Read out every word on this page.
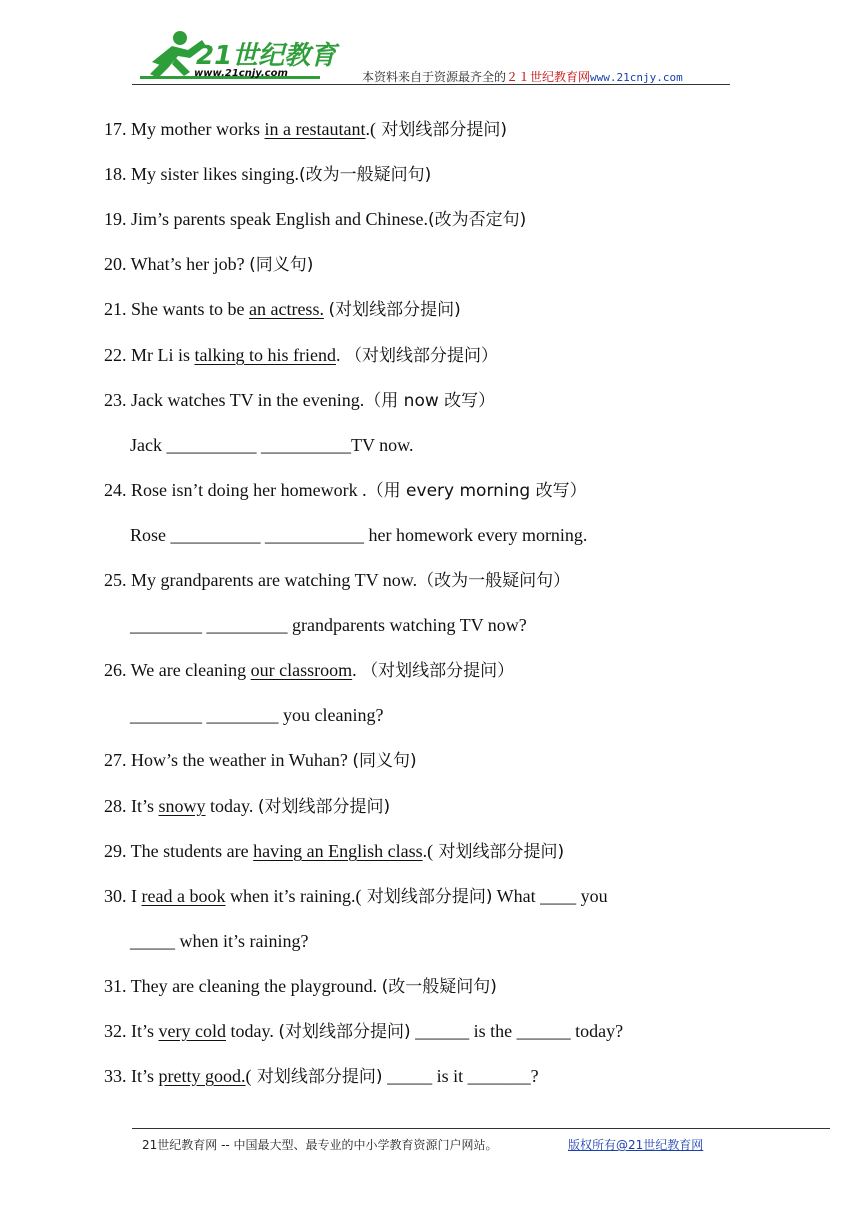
21世纪教育
www.21cnjy.com	本资料来自于资源最齐全的２１世纪教育网www.21cnjy.com
17. My mother works in a restautant.( 对划线部分提问)
18. My sister likes singing.(改为一般疑问句)
19. Jim’s parents speak English and Chinese.(改为否定句)
20. What’s her job? (同义句)
21. She wants to be an actress. (对划线部分提问)
22. Mr Li is talking to his friend. （对划线部分提问）
23. Jack watches TV in the evening.（用 now 改写）
Jack __________ __________TV now.
24. Rose isn’t doing her homework .（用 every morning 改写）
Rose __________ ___________ her homework every morning.
25. My grandparents are watching TV now.（改为一般疑问句）
________ _________ grandparents watching TV now?
26. We are cleaning our classroom. （对划线部分提问）
________ ________ you cleaning?
27. How’s the weather in Wuhan? (同义句)
28. It’s snowy today. (对划线部分提问)
29. The students are having an English class.( 对划线部分提问)
30. I read a book when it’s raining.( 对划线部分提问) What ____ you
_____ when it’s raining?
31. They are cleaning the playground. (改一般疑问句)
32. It’s very cold today. (对划线部分提问) ______ is the ______ today?
33. It’s pretty good.( 对划线部分提问) _____ is it _______?
21世纪教育网 -- 中国最大型、最专业的中小学教育资源门户网站。	版权所有@21世纪教育网
